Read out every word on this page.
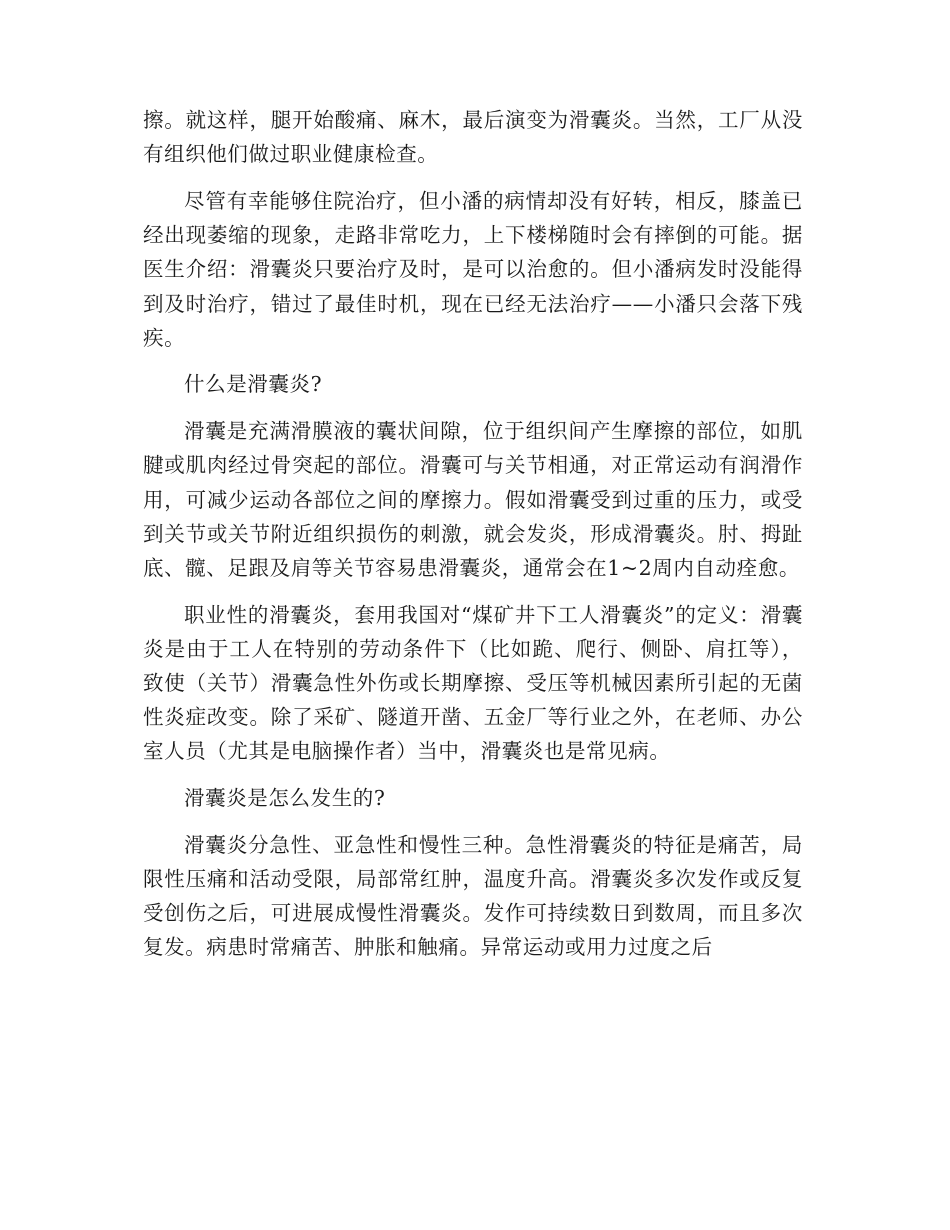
擦。就这样，腿开始酸痛、麻木，最后演变为滑囊炎。当然，工厂从没有组织他们做过职业健康检查。

尽管有幸能够住院治疗，但小潘的病情却没有好转，相反，膝盖已经出现萎缩的现象，走路非常吃力，上下楼梯随时会有摔倒的可能。据医生介绍：滑囊炎只要治疗及时，是可以治愈的。但小潘病发时没能得到及时治疗，错过了最佳时机，现在已经无法治疗——小潘只会落下残疾。

什么是滑囊炎?

滑囊是充满滑膜液的囊状间隙，位于组织间产生摩擦的部位，如肌腱或肌肉经过骨突起的部位。滑囊可与关节相通，对正常运动有润滑作用，可减少运动各部位之间的摩擦力。假如滑囊受到过重的压力，或受到关节或关节附近组织损伤的刺激，就会发炎，形成滑囊炎。肘、拇趾底、髋、足跟及肩等关节容易患滑囊炎，通常会在1~2周内自动痊愈。

职业性的滑囊炎，套用我国对“煤矿井下工人滑囊炎”的定义：滑囊炎是由于工人在特别的劳动条件下（比如跪、爬行、侧卧、肩扛等），致使（关节）滑囊急性外伤或长期摩擦、受压等机械因素所引起的无菌性炎症改变。除了采矿、隧道开凿、五金厂等行业之外，在老师、办公室人员（尤其是电脑操作者）当中，滑囊炎也是常见病。

滑囊炎是怎么发生的?

滑囊炎分急性、亚急性和慢性三种。急性滑囊炎的特征是痛苦，局限性压痛和活动受限，局部常红肿，温度升高。滑囊炎多次发作或反复受创伤之后，可进展成慢性滑囊炎。发作可持续数日到数周，而且多次复发。病患时常痛苦、肿胀和触痛。异常运动或用力过度之后
